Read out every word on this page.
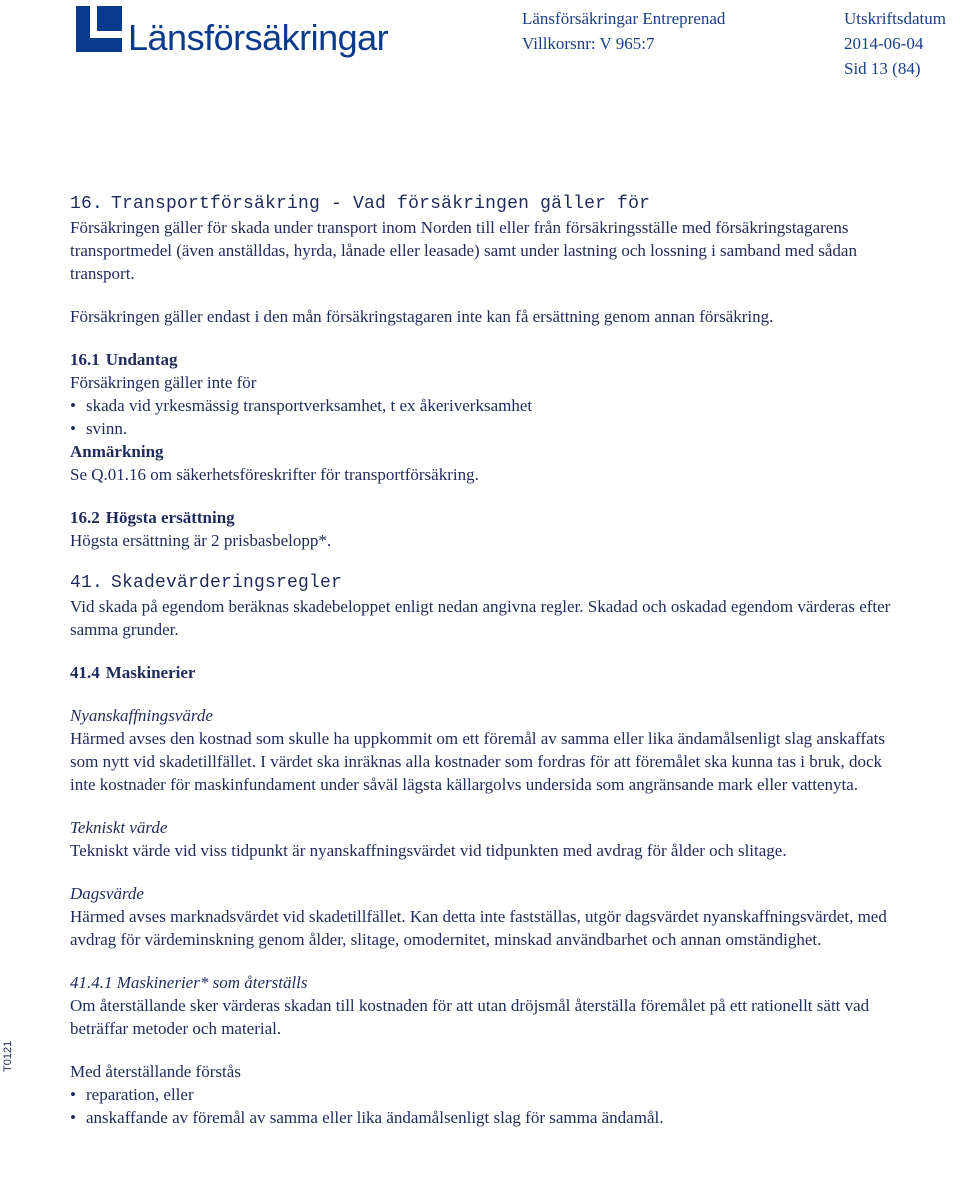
Länsförsäkringar	Länsförsäkringar Entreprenad
Villkorsnr: V 965:7
Utskriftsdatum
2014-06-04
Sid 13 (84)

16. Transportförsäkring - Vad försäkringen gäller för

Försäkringen gäller för skada under transport inom Norden till eller från försäkringsställe med försäkringstagarens transportmedel (även anställdas, hyrda, lånade eller leasade) samt under lastning och lossning i samband med sådan transport.

Försäkringen gäller endast i den mån försäkringstagaren inte kan få ersättning genom annan försäkring.

16.1 Undantag

Försäkringen gäller inte för

• skada vid yrkesmässig transportverksamhet, t ex åkeriverksamhet
• svinn.

Anmärkning

Se Q.01.16 om säkerhetsföreskrifter för transportförsäkring.

16.2 Högsta ersättning

Högsta ersättning är 2 prisbasbelopp*.

41. Skadevärderingsregler

Vid skada på egendom beräknas skadebeloppet enligt nedan angivna regler. Skadad och oskadad egendom värderas efter samma grunder.

41.4 Maskinerier

Nyanskaffningsvärde

Härmed avses den kostnad som skulle ha uppkommit om ett föremål av samma eller lika ändamålsenligt slag anskaffats som nytt vid skadetillfället. I värdet ska inräknas alla kostnader som fordras för att föremålet ska kunna tas i bruk, dock inte kostnader för maskinfundament under såväl lägsta källargolvs undersida som angränsande mark eller vattenyta.

Tekniskt värde

Tekniskt värde vid viss tidpunkt är nyanskaffningsvärdet vid tidpunkten med avdrag för ålder och slitage.

Dagsvärde

Härmed avses marknadsvärdet vid skadetillfället. Kan detta inte fastställas, utgör dagsvärdet nyanskaffningsvärdet, med avdrag för värdeminskning genom ålder, slitage, omodernitet, minskad användbarhet och annan omständighet.

41.4.1 Maskinerier* som återställs

Om återställande sker värderas skadan till kostnaden för att utan dröjsmål återställa föremålet på ett rationellt sätt vad beträffar metoder och material.

Med återställande förstås

• reparation, eller
• anskaffande av föremål av samma eller lika ändamålsenligt slag för samma ändamål.
T0121
